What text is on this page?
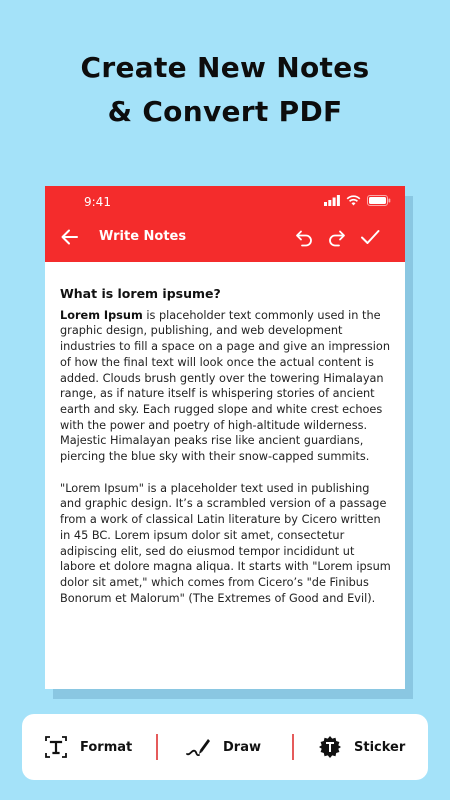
Create New Notes
& Convert PDF
9:41
Write Notes
What is lorem ipsume?
Lorem Ipsum is placeholder text commonly used in the graphic design, publishing, and web development industries to fill a space on a page and give an impression of how the final text will look once the actual content is added. Clouds brush gently over the towering Himalayan range, as if nature itself is whispering stories of ancient earth and sky. Each rugged slope and white crest echoes with the power and poetry of high-altitude wilderness. Majestic Himalayan peaks rise like ancient guardians, piercing the blue sky with their snow-capped summits.
"Lorem Ipsum" is a placeholder text used in publishing and graphic design. It’s a scrambled version of a passage from a work of classical Latin literature by Cicero written in 45 BC. Lorem ipsum dolor sit amet, consectetur adipiscing elit, sed do eiusmod tempor incididunt ut labore et dolore magna aliqua. It starts with "Lorem ipsum dolor sit amet," which comes from Cicero’s "de Finibus Bonorum et Malorum" (The Extremes of Good and Evil).
Format	Draw	Sticker
